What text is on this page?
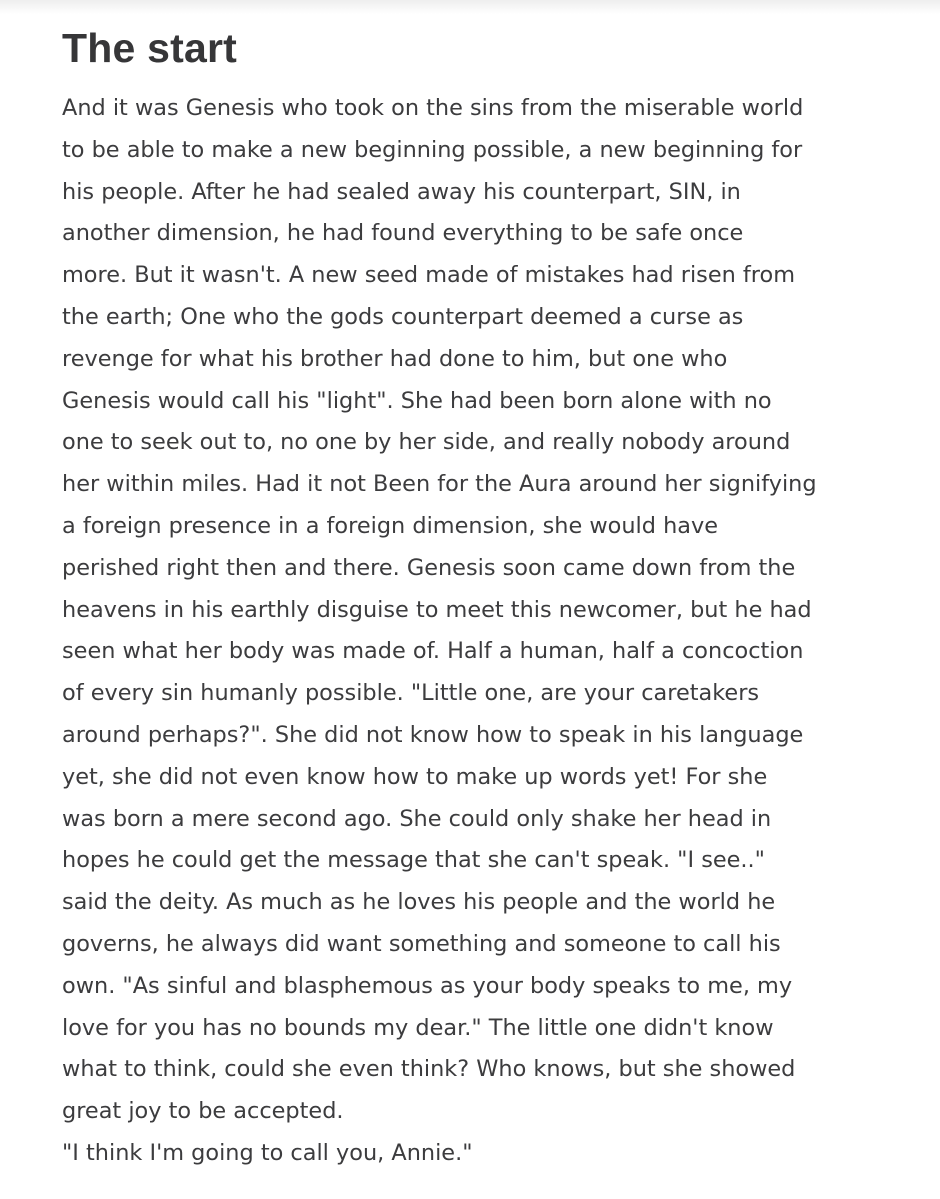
The start
And it was Genesis who took on the sins from the miserable world
to be able to make a new beginning possible, a new beginning for
his people. After he had sealed away his counterpart, SIN, in
another dimension, he had found everything to be safe once
more. But it wasn't. A new seed made of mistakes had risen from
the earth; One who the gods counterpart deemed a curse as
revenge for what his brother had done to him, but one who
Genesis would call his "light". She had been born alone with no
one to seek out to, no one by her side, and really nobody around
her within miles. Had it not Been for the Aura around her signifying
a foreign presence in a foreign dimension, she would have
perished right then and there. Genesis soon came down from the
heavens in his earthly disguise to meet this newcomer, but he had
seen what her body was made of. Half a human, half a concoction
of every sin humanly possible. "Little one, are your caretakers
around perhaps?". She did not know how to speak in his language
yet, she did not even know how to make up words yet! For she
was born a mere second ago. She could only shake her head in
hopes he could get the message that she can't speak. "I see.."
said the deity. As much as he loves his people and the world he
governs, he always did want something and someone to call his
own. "As sinful and blasphemous as your body speaks to me, my
love for you has no bounds my dear." The little one didn't know
what to think, could she even think? Who knows, but she showed
great joy to be accepted.
"I think I'm going to call you, Annie."
